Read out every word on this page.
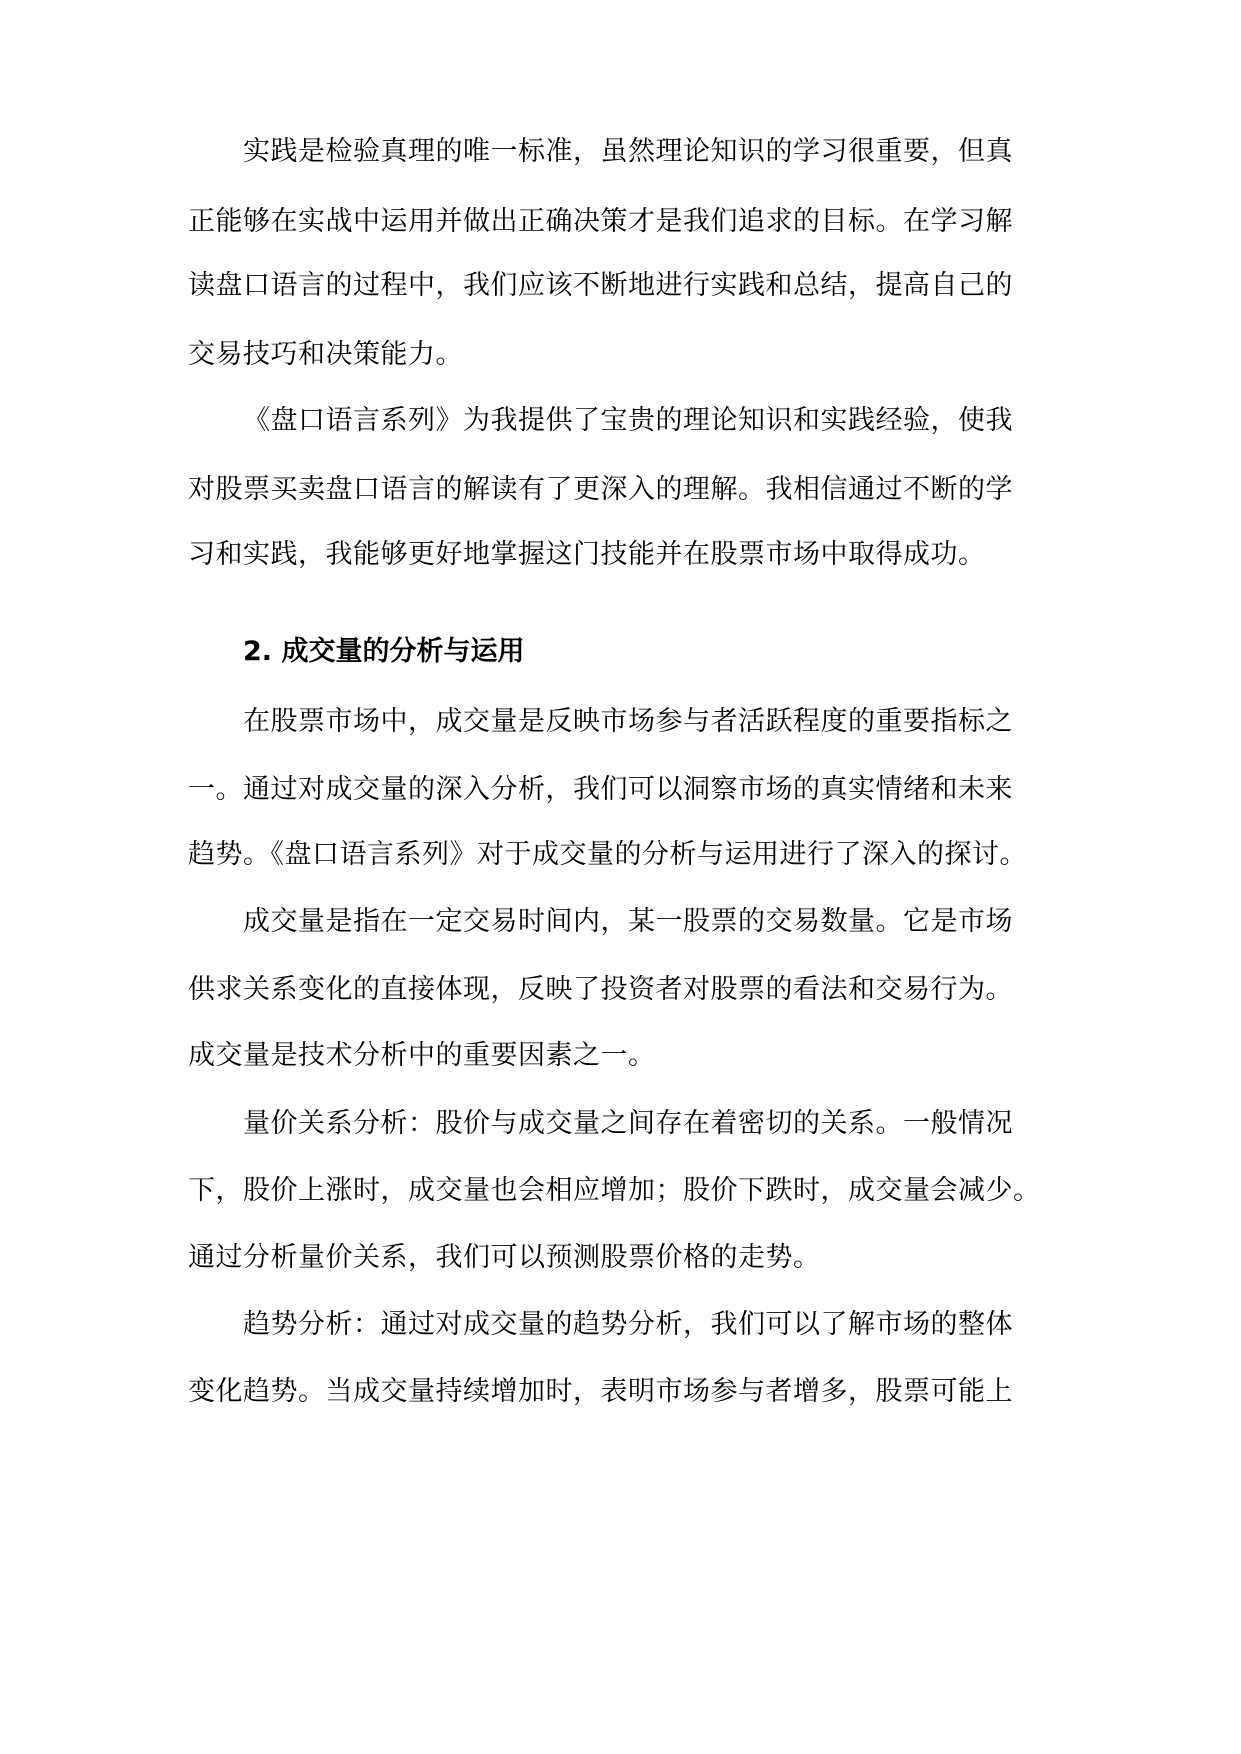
实践是检验真理的唯一标准，虽然理论知识的学习很重要，但真

正能够在实战中运用并做出正确决策才是我们追求的目标。在学习解

读盘口语言的过程中，我们应该不断地进行实践和总结，提高自己的

交易技巧和决策能力。

《盘口语言系列》为我提供了宝贵的理论知识和实践经验，使我

对股票买卖盘口语言的解读有了更深入的理解。我相信通过不断的学

习和实践，我能够更好地掌握这门技能并在股票市场中取得成功。

2. 成交量的分析与运用

在股票市场中，成交量是反映市场参与者活跃程度的重要指标之

一。通过对成交量的深入分析，我们可以洞察市场的真实情绪和未来

趋势。《盘口语言系列》对于成交量的分析与运用进行了深入的探讨。

成交量是指在一定交易时间内，某一股票的交易数量。它是市场

供求关系变化的直接体现，反映了投资者对股票的看法和交易行为。

成交量是技术分析中的重要因素之一。

量价关系分析：股价与成交量之间存在着密切的关系。一般情况

下，股价上涨时，成交量也会相应增加；股价下跌时，成交量会减少。

通过分析量价关系，我们可以预测股票价格的走势。

趋势分析：通过对成交量的趋势分析，我们可以了解市场的整体

变化趋势。当成交量持续增加时，表明市场参与者增多，股票可能上
